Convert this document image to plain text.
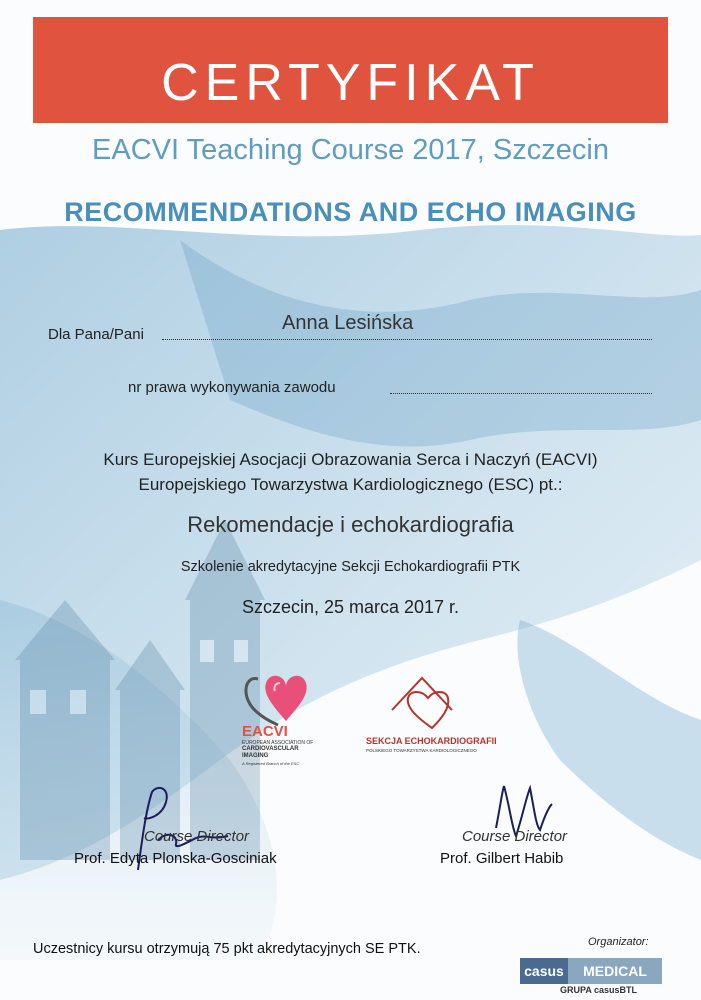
CERTYFIKAT
EACVI Teaching Course 2017, Szczecin
RECOMMENDATIONS AND ECHO IMAGING
Dla Pana/Pani
Anna Lesińska
nr prawa wykonywania zawodu
Kurs Europejskiej Asocjacji Obrazowania Serca i Naczyń (EACVI)
Europejskiego Towarzystwa Kardiologicznego (ESC) pt.:
Rekomendacje i echokardiografia
Szkolenie akredytacyjne Sekcji Echokardiografii PTK
Szczecin, 25 marca 2017 r.
EACVI
EUROPEAN ASSOCIATION OF
CARDIOVASCULAR
IMAGING
A Registered Branch of the ESC
SEKCJA ECHOKARDIOGRAFII
POLSKIEGO TOWARZYSTWA KARDIOLOGICZNEGO
Course Director
Prof. Edyta Plonska-Gosciniak
Course Director
Prof. Gilbert Habib
Uczestnicy kursu otrzymują 75 pkt akredytacyjnych SE PTK.	Organizator:
casus	MEDICAL
GRUPA casusBTL
